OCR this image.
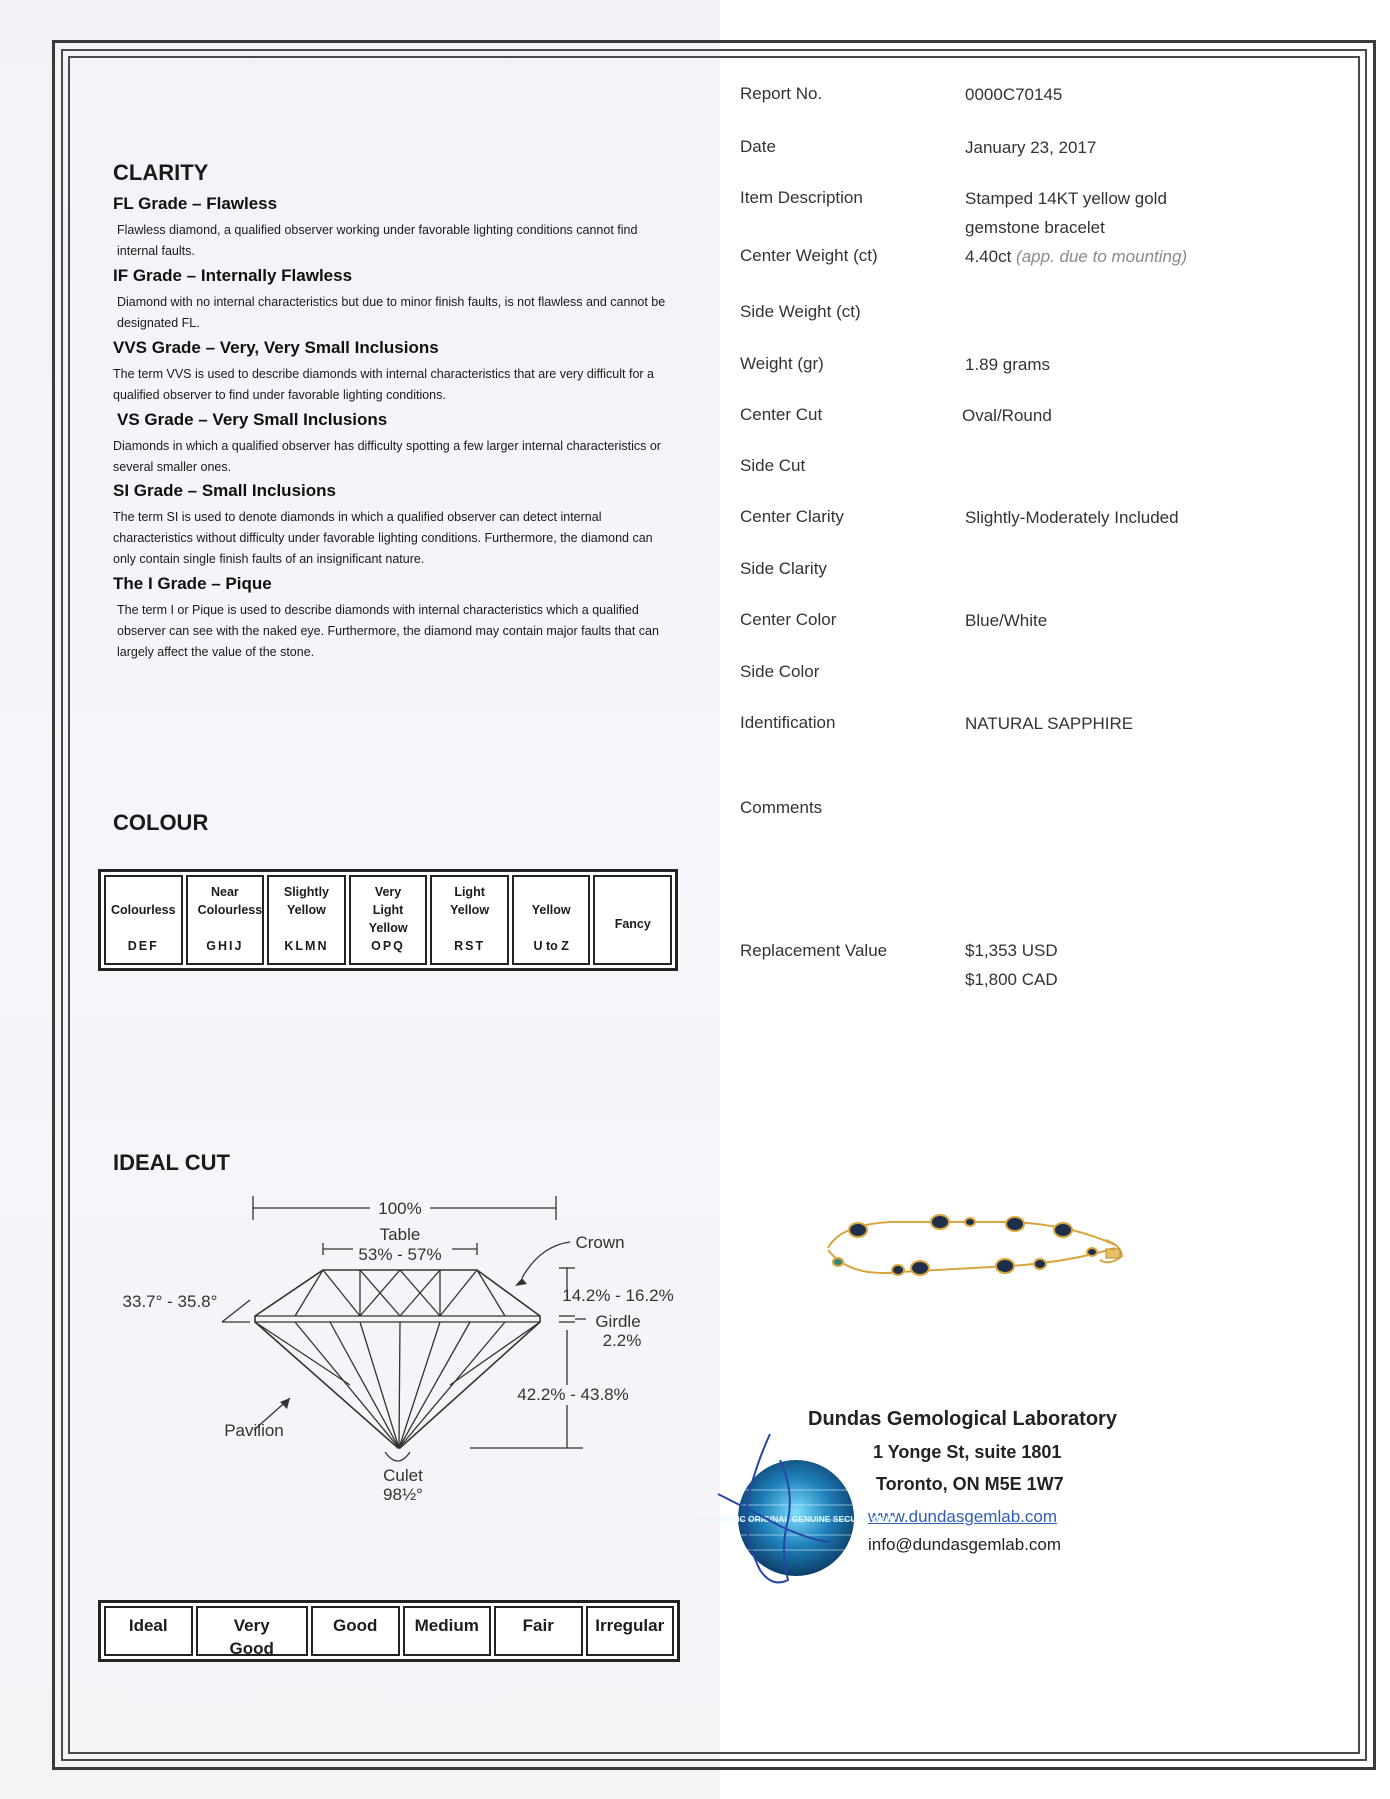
CLARITY
FL Grade – Flawless
Flawless diamond, a qualified observer working under favorable lighting conditions cannot find internal faults.
IF Grade – Internally Flawless
Diamond with no internal characteristics but due to minor finish faults, is not flawless and cannot be designated FL.
VVS Grade – Very, Very Small Inclusions
The term VVS is used to describe diamonds with internal characteristics that are very difficult for a qualified observer to find under favorable lighting conditions.
VS Grade – Very Small Inclusions
Diamonds in which a qualified observer has difficulty spotting a few larger internal characteristics or several smaller ones.
SI Grade – Small Inclusions
The term SI is used to denote diamonds in which a qualified observer can detect internal characteristics without difficulty under favorable lighting conditions. Furthermore, the diamond can only contain single finish faults of an insignificant nature.
The I Grade – Pique
The term I or Pique is used to describe diamonds with internal characteristics which a qualified observer can see with the naked eye. Furthermore, the diamond may contain major faults that can largely affect the value of the stone.
COLOUR
Colourless
DEF
Near Colourless
GHIJ
Slightly Yellow
KLMN
Very Light Yellow
OPQ
Light Yellow
RST
Yellow
U to Z
Fancy
IDEAL CUT
100%
Table
53% - 57%
Crown
33.7° - 35.8°	14.2% - 16.2%
Girdle
2.2%
42.2% - 43.8%
Pavilion
Culet
98½°
Ideal	Very Good
Good	Medium	Fair	Irregular
Report No.	0000C70145
Date	January 23, 2017
Item Description	Stamped 14KT yellow gold gemstone bracelet
Center Weight (ct)	4.40ct (app. due to mounting)
Side Weight (ct)
Weight (gr)	1.89 grams
Center Cut	Oval/Round
Side Cut
Center Clarity	Slightly-Moderately Included
Side Clarity
Center Color	Blue/White
Side Color
Identification	NATURAL SAPPHIRE
Comments
Replacement Value	$1,353 USD
$1,800 CAD
Dundas Gemological Laboratory
1 Yonge St, suite 1801
Toronto, ON M5E 1W7
www.dundasgemlab.com
info@dundasgemlab.com
AUTHENTIC ORIGINAL GENUINE SECURE VALID
